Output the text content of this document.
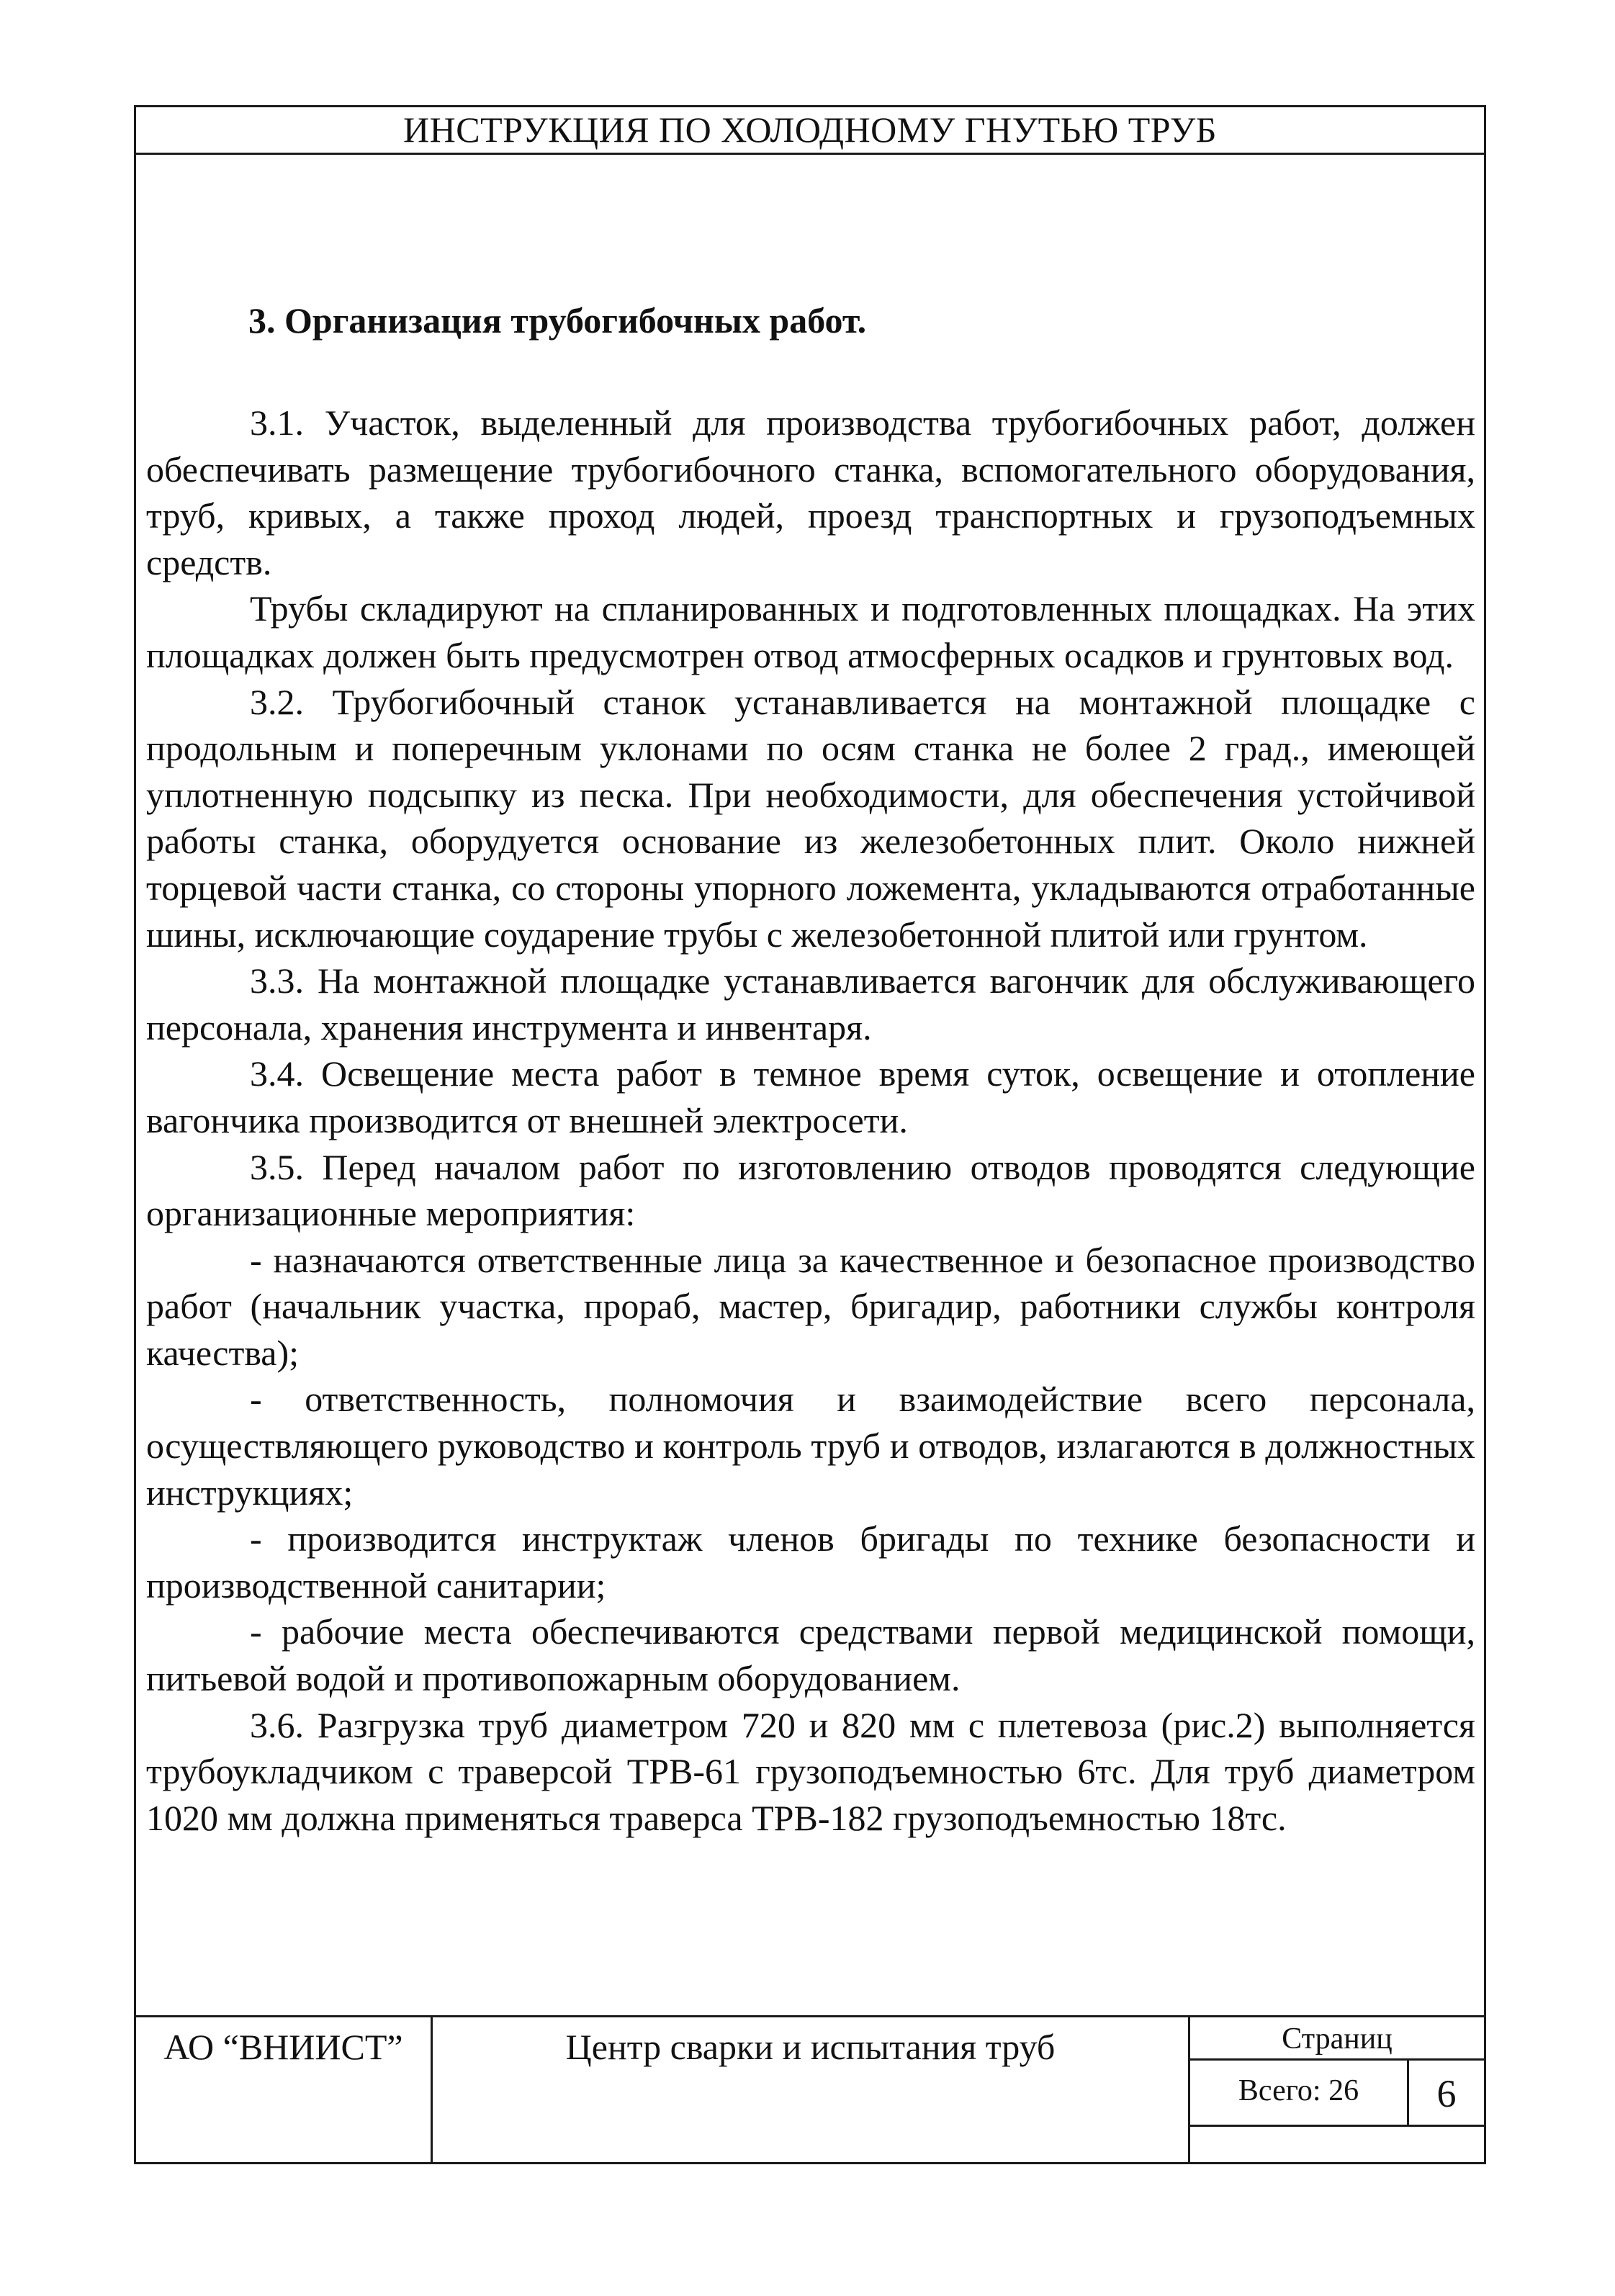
ИНСТРУКЦИЯ ПО ХОЛОДНОМУ ГНУТЬЮ ТРУБ
3. Организация трубогибочных работ.

3.1. Участок, выделенный для производства трубогибочных работ, должен обеспечивать размещение трубогибочного станка, вспомогательного оборудования, труб, кривых, а также проход людей, проезд транспортных и грузоподъемных средств.

Трубы складируют на спланированных и подготовленных площадках. На этих площадках должен быть предусмотрен отвод атмосферных осадков и грунтовых вод.

3.2. Трубогибочный станок устанавливается на монтажной площадке с продольным и поперечным уклонами по осям станка не более 2 град., имеющей уплотненную подсыпку из песка. При необходимости, для обеспечения устойчивой работы станка, оборудуется основание из железобетонных плит. Около нижней торцевой части станка, со стороны упорного ложемента, укладываются отработанные шины, исключающие соударение трубы с железобетонной плитой или грунтом.

3.3. На монтажной площадке устанавливается вагончик для обслуживающего персонала, хранения инструмента и инвентаря.

3.4. Освещение места работ в темное время суток, освещение и отопление вагончика производится от внешней электросети.

3.5. Перед началом работ по изготовлению отводов проводятся следующие организационные мероприятия:

- назначаются ответственные лица за качественное и безопасное производство работ (начальник участка, прораб, мастер, бригадир, работники службы контроля качества);

- ответственность, полномочия и взаимодействие всего персонала, осуществляющего руководство и контроль труб и отводов, излагаются в должностных инструкциях;

- производится инструктаж членов бригады по технике безопасности и производственной санитарии;

- рабочие места обеспечиваются средствами первой медицинской помощи, питьевой водой и противопожарным оборудованием.

3.6. Разгрузка труб диаметром 720 и 820 мм с плетевоза (рис.2) выполняется трубоукладчиком с траверсой ТРВ-61 грузоподъемностью 6тс. Для труб диаметром 1020 мм должна применяться траверса ТРВ-182 грузоподъемностью 18тс.

АО “ВНИИСТ”	Центр сварки и испытания труб	Страниц
Всего: 26	6
